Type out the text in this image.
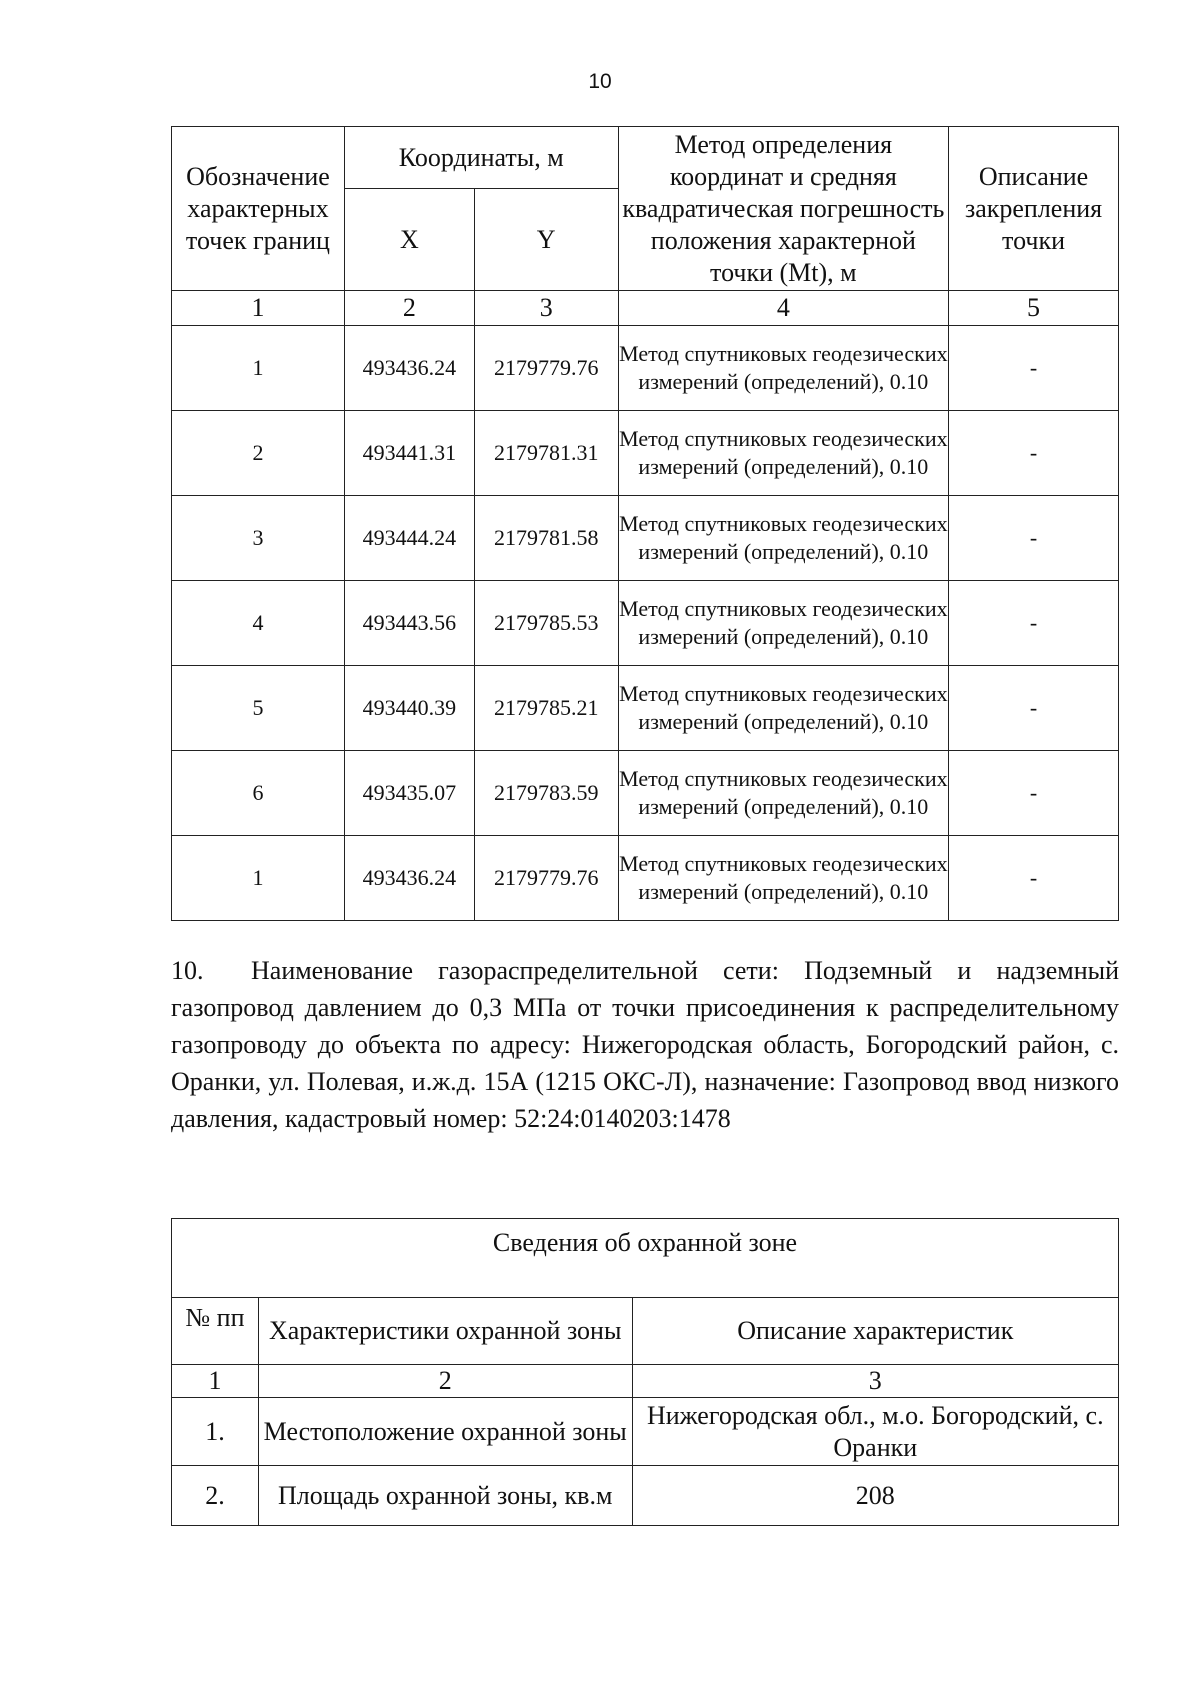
10
Обозначение характерных точек границ	Координаты, м		Метод определения координат и средняя квадратическая погрешность положения характерной точки (Mt), м	Описание закрепления точки
	X	Y		
1	2	3	4	5
1	493436.24	2179779.76	Метод спутниковых геодезических измерений (определений), 0.10	-
2	493441.31	2179781.31	Метод спутниковых геодезических измерений (определений), 0.10	-
3	493444.24	2179781.58	Метод спутниковых геодезических измерений (определений), 0.10	-
4	493443.56	2179785.53	Метод спутниковых геодезических измерений (определений), 0.10	-
5	493440.39	2179785.21	Метод спутниковых геодезических измерений (определений), 0.10	-
6	493435.07	2179783.59	Метод спутниковых геодезических измерений (определений), 0.10	-
1	493436.24	2179779.76	Метод спутниковых геодезических измерений (определений), 0.10	-

10. Наименование газораспределительной сети: Подземный и надземный газопровод давлением до 0,3 МПа от точки присоединения к распределительному газопроводу до объекта по адресу: Нижегородская область, Богородский район, с. Оранки, ул. Полевая, и.ж.д. 15А (1215 ОКС-Л), назначение: Газопровод ввод низкого давления, кадастровый номер: 52:24:0140203:1478

Сведения об охранной зоне		
№ пп	Характеристики охранной зоны	Описание характеристик
1	2	3
1.	Местоположение охранной зоны	Нижегородская обл., м.о. Богородский, с. Оранки
2.	Площадь охранной зоны, кв.м	208
